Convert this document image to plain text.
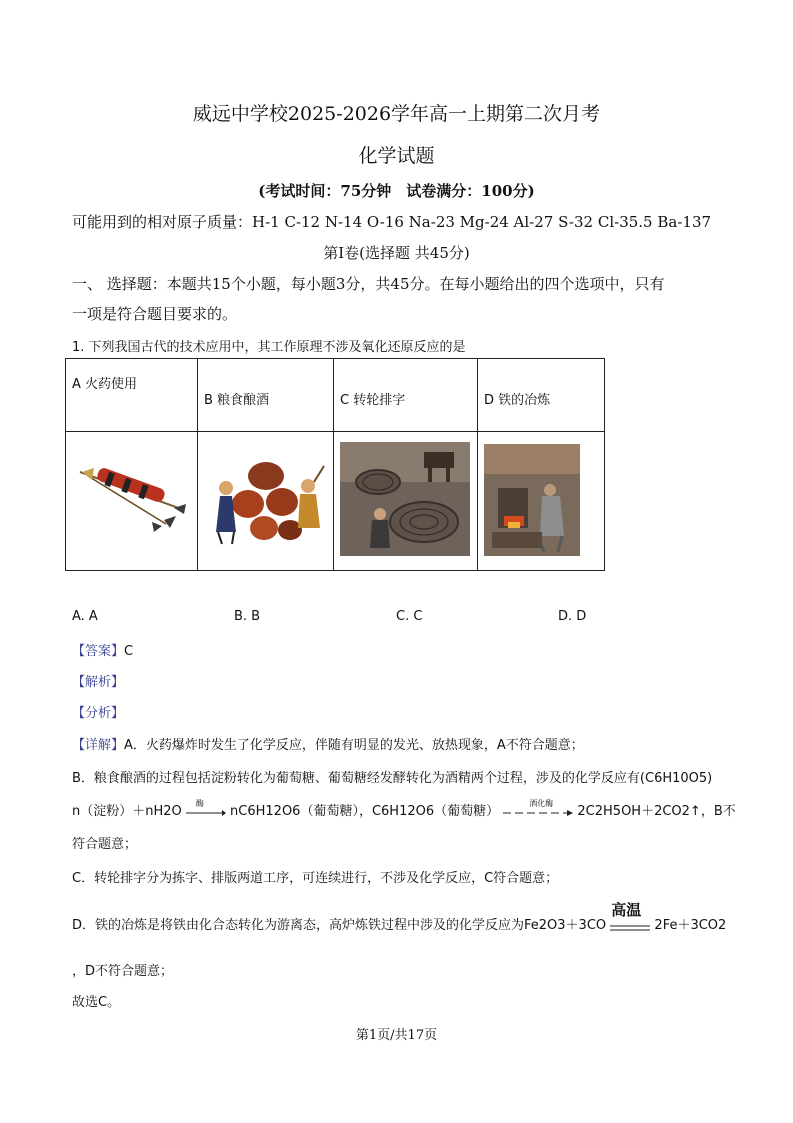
威远中学校2025-2026学年高一上期第二次月考
化学试题
(考试时间：75分钟　试卷满分：100分)
可能用到的相对原子质量：H-1 C-12 N-14 O-16 Na-23 Mg-24 Al-27 S-32 Cl-35.5 Ba-137
第Ⅰ卷(选择题 共45分)
一、 选择题：本题共15个小题，每小题3分，共45分。在每小题给出的四个选项中，只有
一项是符合题目要求的。
1. 下列我国古代的技术应用中，其工作原理不涉及氧化还原反应的是
A 火药使用	B 粮食酿酒	C 转轮排字	D 铁的冶炼

A. A	B. B	C. C	D. D
【答案】C
【解析】
【分析】
【详解】A．火药爆炸时发生了化学反应，伴随有明显的发光、放热现象，A不符合题意；
B．粮食酿酒的过程包括淀粉转化为葡萄糖、葡萄糖经发酵转化为酒精两个过程，涉及的化学反应有(C6H10O5)
n（淀粉）＋nH2O
酶
nC6H12O6（葡萄糖），C6H12O6（葡萄糖）
酒化酶
2C2H5OH＋2CO2↑，B不
符合题意；
C．转轮排字分为拣字、排版两道工序，可连续进行，不涉及化学反应，C符合题意；
D．铁的冶炼是将铁由化合态转化为游离态，高炉炼铁过程中涉及的化学反应为Fe2O3＋3CO
高温
2Fe＋3CO2
，D不符合题意；
故选C。
第1页/共17页
